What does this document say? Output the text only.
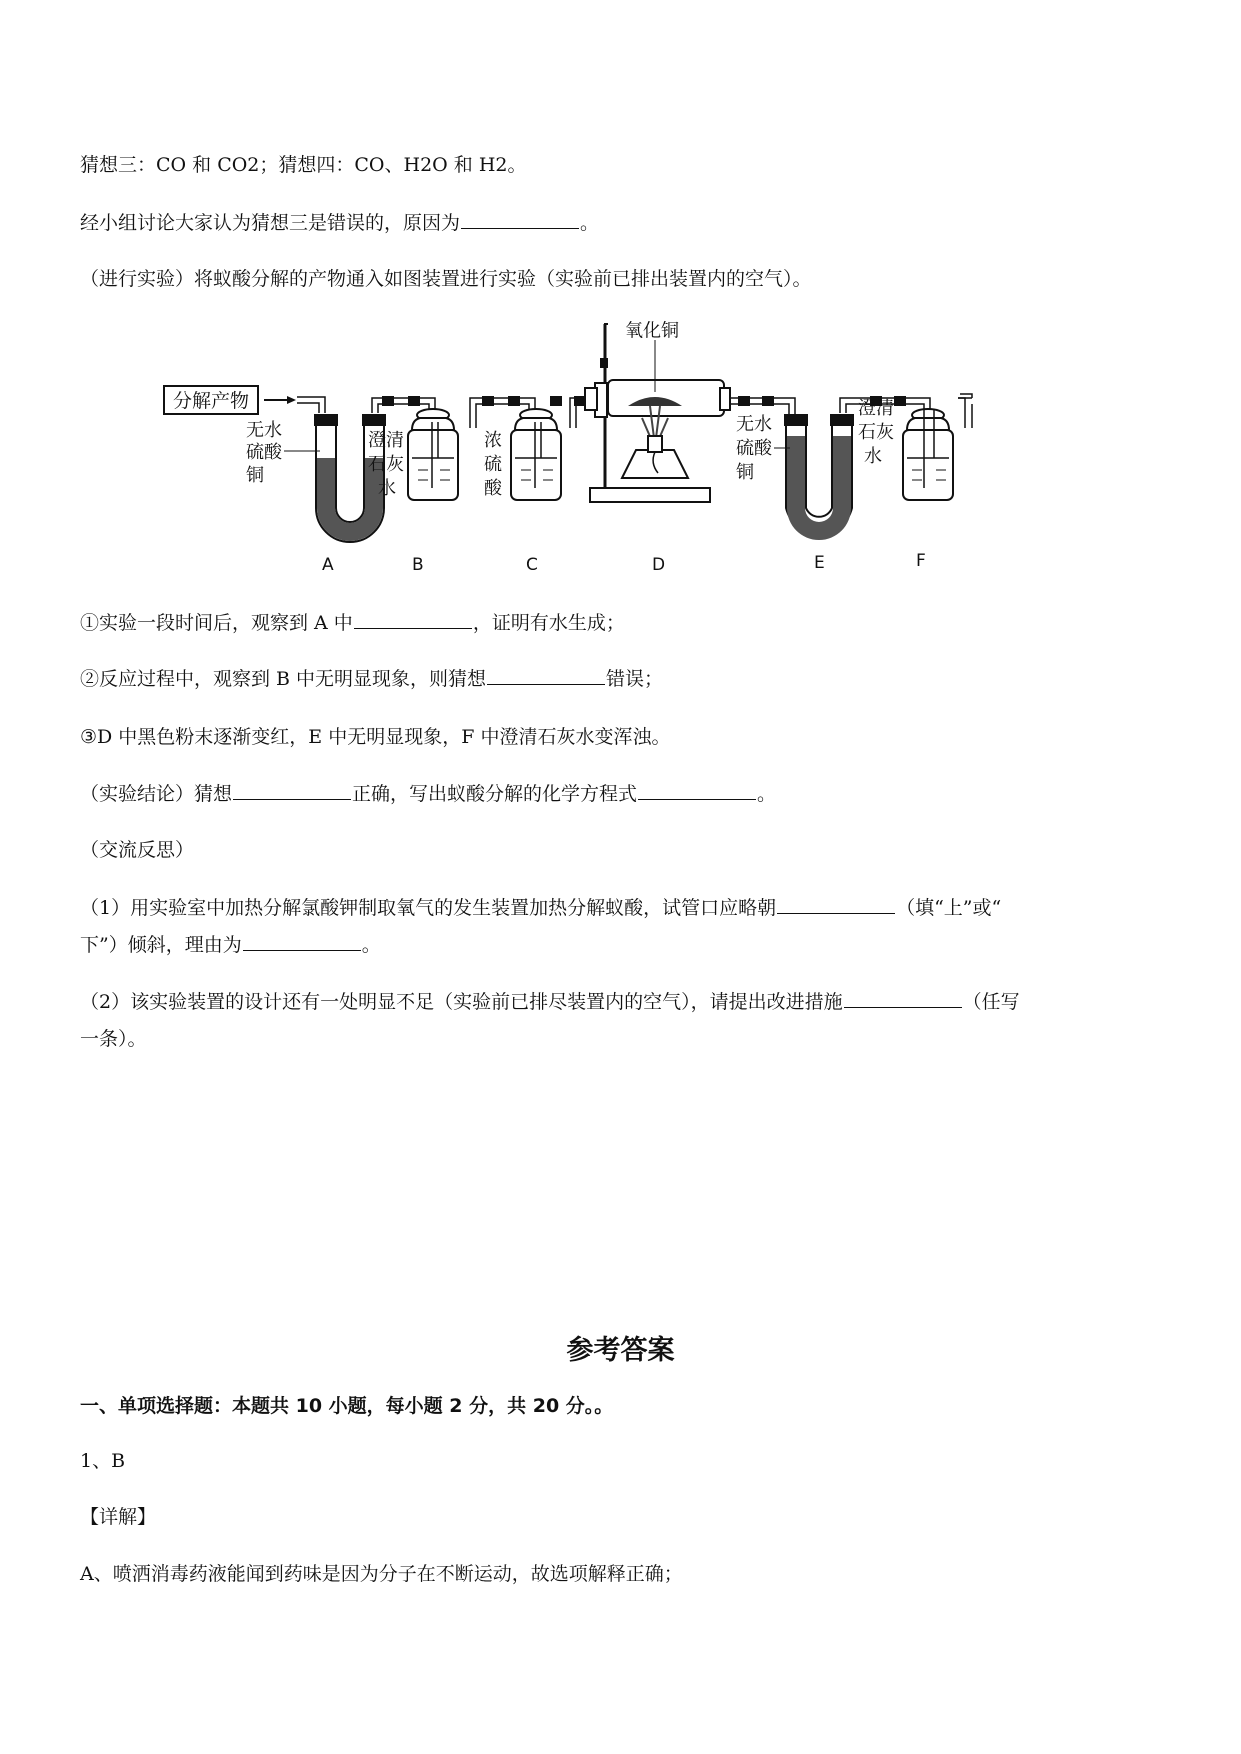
猜想三：CO 和 CO2；猜想四：CO、H2O 和 H2。
经小组讨论大家认为猜想三是错误的，原因为	。
（进行实验）将蚁酸分解的产物通入如图装置进行实验（实验前已排出装置内的空气）。
分解产物
无水 硫酸 铜
澄清 石灰 水
浓 硫 酸
氧化铜
无水 硫酸 铜
澄清 石灰 水
A	B	C	D	E	F
①实验一段时间后，观察到 A 中	，证明有水生成；
②反应过程中，观察到 B 中无明显现象，则猜想	错误；
③D 中黑色粉末逐渐变红，E 中无明显现象，F 中澄清石灰水变浑浊。
（实验结论）猜想	正确，写出蚁酸分解的化学方程式	。
（交流反思）
（1）用实验室中加热分解氯酸钾制取氧气的发生装置加热分解蚁酸，试管口应略朝	（填“上”或“
下”）倾斜，理由为	。
（2）该实验装置的设计还有一处明显不足（实验前已排尽装置内的空气），请提出改进措施	（任写
一条）。
参考答案
一、单项选择题：本题共 10 小题，每小题 2 分，共 20 分。。
1、B
【详解】
A、喷洒消毒药液能闻到药味是因为分子在不断运动，故选项解释正确；
